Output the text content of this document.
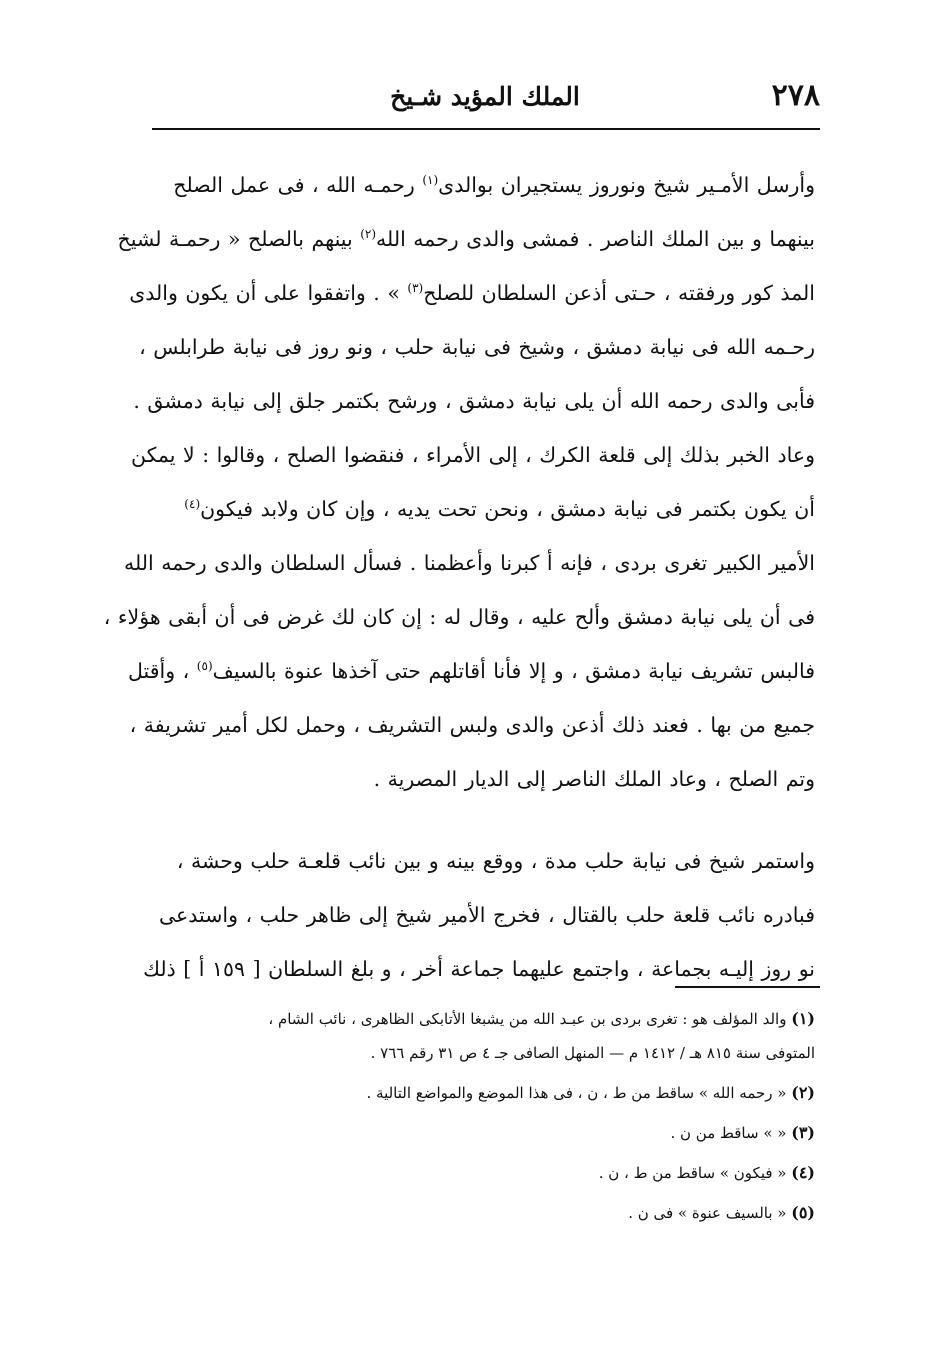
٢٧٨
الملك المؤيد شـيخ
وأرسل الأمـير شيخ ونوروز يستجيران بوالدى$^{(١)}$ رحمـه الله ، فى عمل الصلح
بينهما و بين الملك الناصر . فمشى والدى رحمه الله$^{(٢)}$ بينهم بالصلح « رحمـة لشيخ
المذ كور ورفقته ، حـتى أذعن السلطان للصلح$^{(٣)}$ » . واتفقوا على أن يكون والدى
رحـمه الله فى نيابة دمشق ، وشيخ فى نيابة حلب ، ونو روز فى نيابة طرابلس ،
فأبى والدى رحمه الله أن يلى نيابة دمشق ، ورشح بكتمر جلق إلى نيابة دمشق .
وعاد الخبر بذلك إلى قلعة الكرك ، إلى الأمراء ، فنقضوا الصلح ، وقالوا : لا يمكن
أن يكون بكتمر فى نيابة دمشق ، ونحن تحت يديه ، وإن كان ولابد فيكون$^{(٤)}$
الأمير الكبير تغرى بردى ، فإنه أ كبرنا وأعظمنا . فسأل السلطان والدى رحمه الله
فى أن يلى نيابة دمشق وألح عليه ، وقال له : إن كان لك غرض فى أن أبقى هؤلاء ،
فالبس تشريف نيابة دمشق ، و إلا فأنا أقاتلهم حتى آخذها عنوة بالسيف$^{(٥)}$ ، وأقتل
جميع من بها . فعند ذلك أذعن والدى ولبس التشريف ، وحمل لكل أمير تشريفة ،
وتم الصلح ، وعاد الملك الناصر إلى الديار المصرية .
واستمر شيخ فى نيابة حلب مدة ، ووقع بينه و بين نائب قلعـة حلب وحشة ،
فبادره نائب قلعة حلب بالقتال ، فخرج الأمير شيخ إلى ظاهر حلب ، واستدعى
نو روز إليـه بجماعة ، واجتمع عليهما جماعة أخر ، و بلغ السلطان [ ١٥٩ أ ] ذلك
(١) والد المؤلف هو : تغرى بردى بن عبـد الله من يشبغا الأتابكى الظاهرى ، نائب الشام ،
المتوفى سنة ٨١٥ هـ / ١٤١٢ م — المنهل الصافى جـ ٤ ص ٣١ رقم ٧٦٦ .
(٢) « رحمه الله » ساقط من ط ، ن ، فى هذا الموضع والمواضع التالية .
(٣) « » ساقط من ن .
(٤) « فيكون » ساقط من ط ، ن .
(٥) « بالسيف عنوة » فى ن .
